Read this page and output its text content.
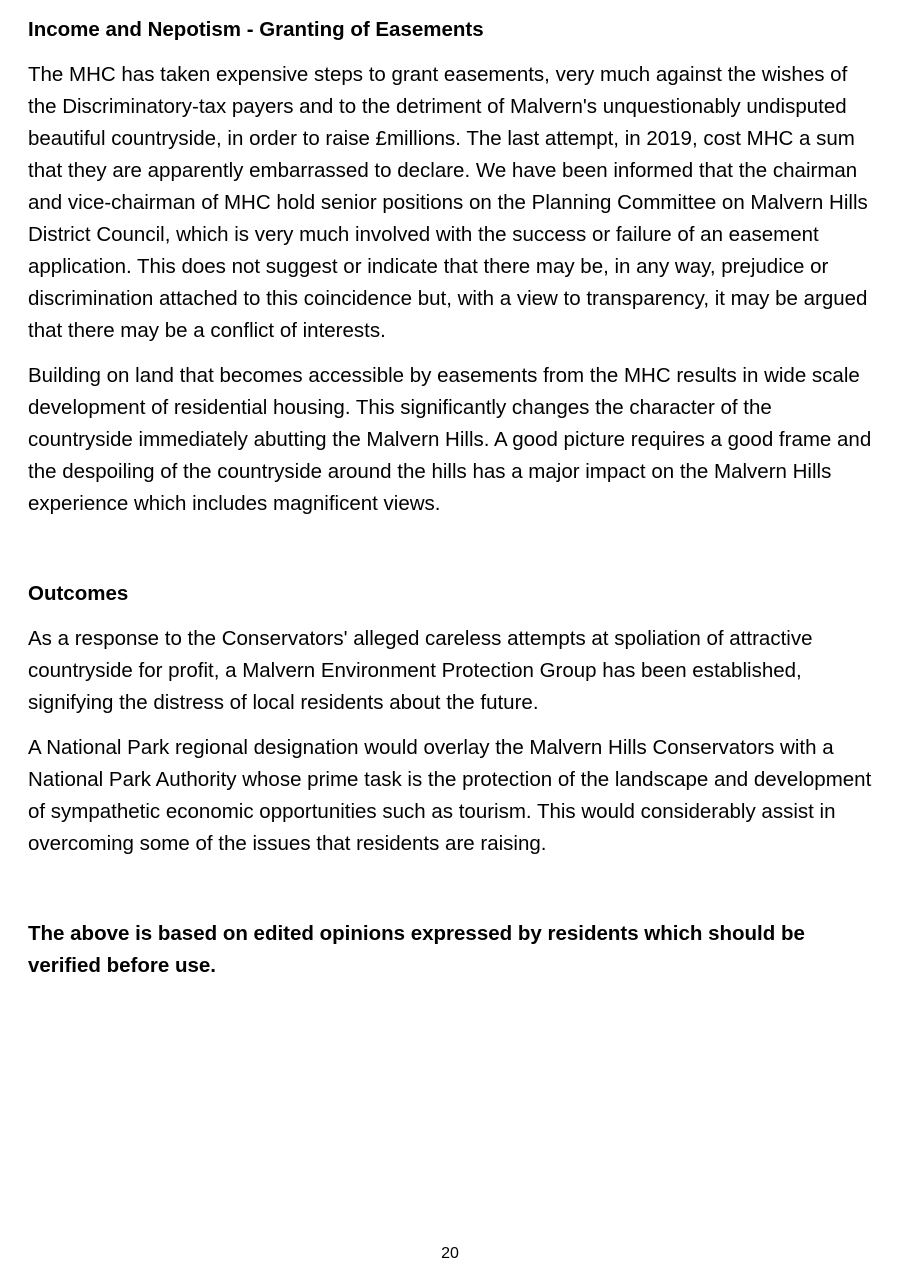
Income and Nepotism - Granting of Easements

The MHC has taken expensive steps to grant easements, very much against the wishes of the Discriminatory-tax payers and to the detriment of Malvern's unquestionably undisputed beautiful countryside, in order to raise £millions. The last attempt, in 2019, cost MHC a sum that they are apparently embarrassed to declare. We have been informed that the chairman and vice-chairman of MHC hold senior positions on the Planning Committee on Malvern Hills District Council, which is very much involved with the success or failure of an easement application. This does not suggest or indicate that there may be, in any way, prejudice or discrimination attached to this coincidence but, with a view to transparency, it may be argued that there may be a conflict of interests.

Building on land that becomes accessible by easements from the MHC results in wide scale development of residential housing. This significantly changes the character of the countryside immediately abutting the Malvern Hills. A good picture requires a good frame and the despoiling of the countryside around the hills has a major impact on the Malvern Hills experience which includes magnificent views.

Outcomes

As a response to the Conservators' alleged careless attempts at spoliation of attractive countryside for profit, a Malvern Environment Protection Group has been established, signifying the distress of local residents about the future.

A National Park regional designation would overlay the Malvern Hills Conservators with a National Park Authority whose prime task is the protection of the landscape and development of sympathetic economic opportunities such as tourism. This would considerably assist in overcoming some of the issues that residents are raising.

The above is based on edited opinions expressed by residents which should be verified before use.

20
